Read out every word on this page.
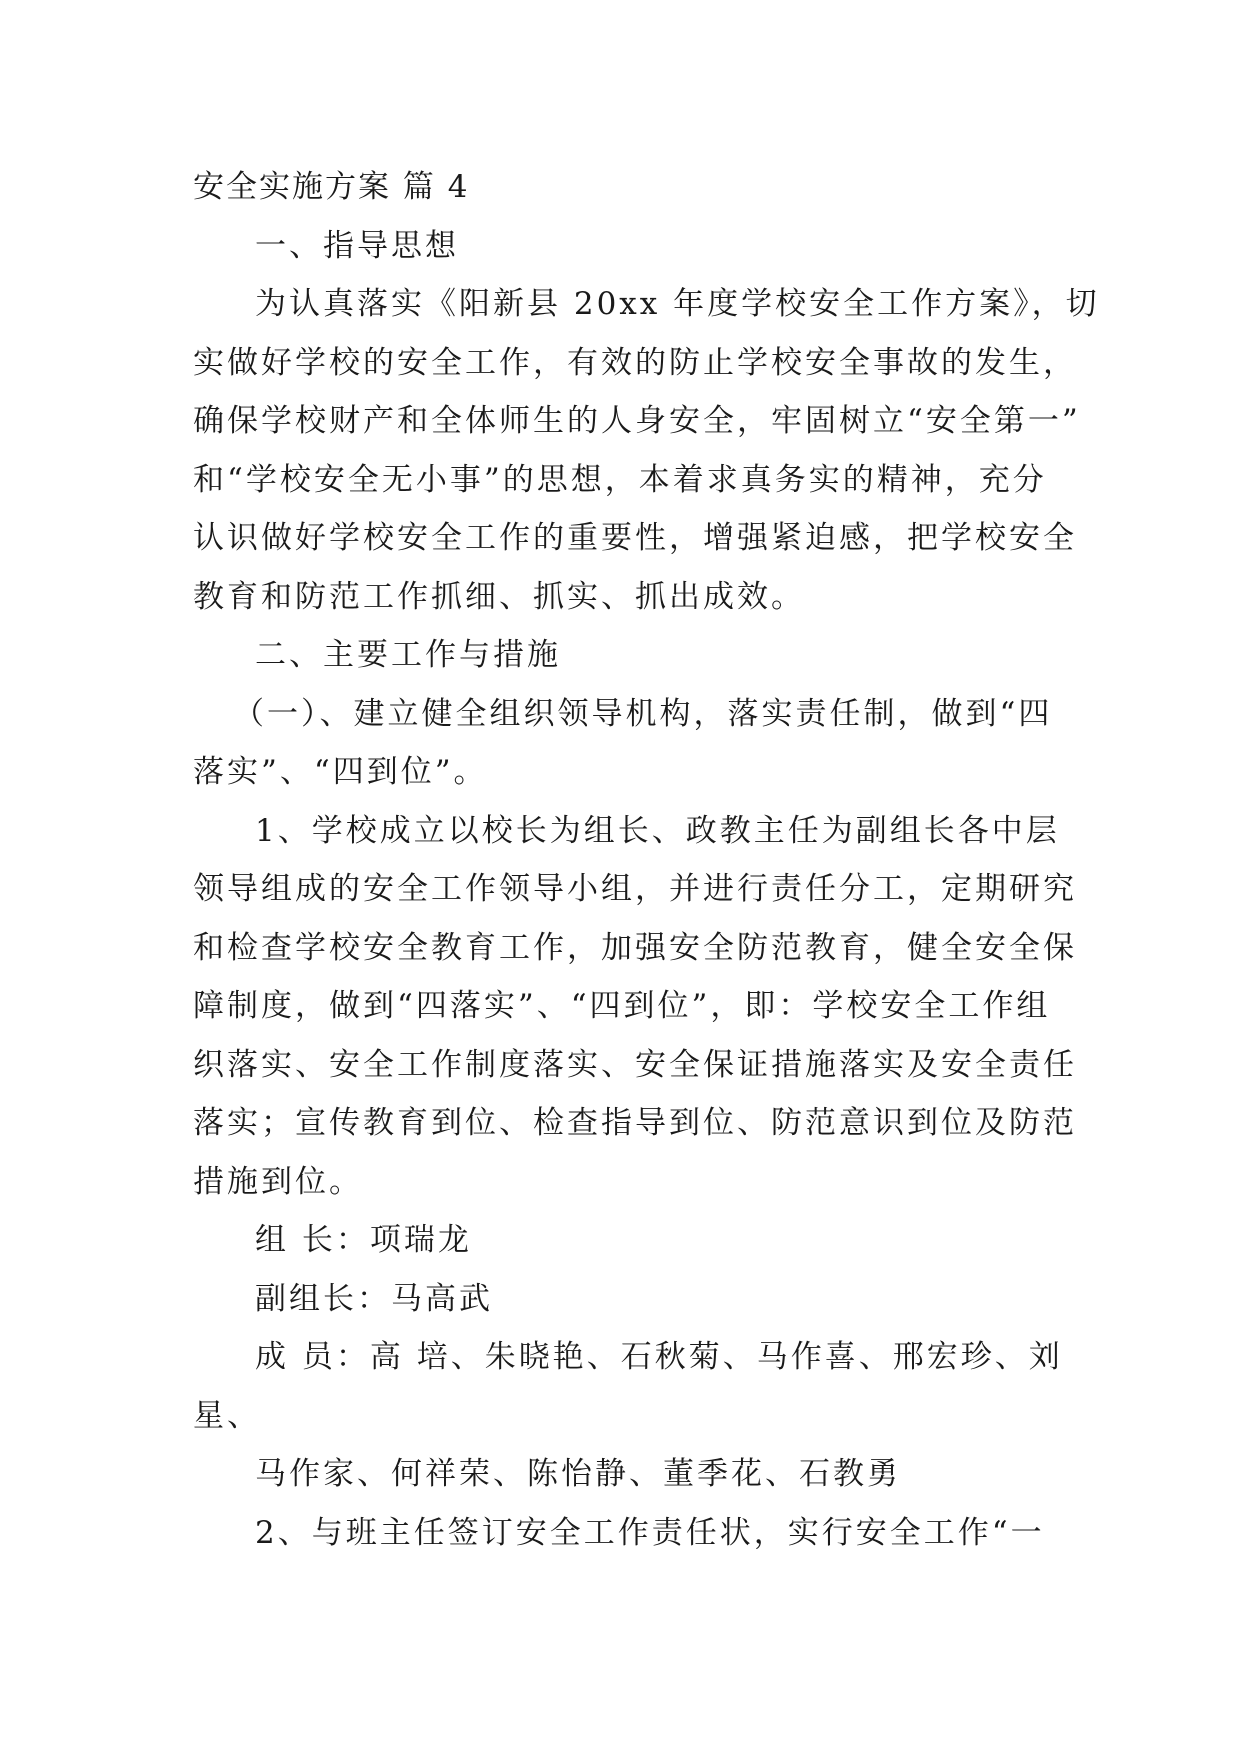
安全实施方案 篇 4
一、指导思想
为认真落实《阳新县 20xx 年度学校安全工作方案》，切
实做好学校的安全工作，有效的防止学校安全事故的发生，
确保学校财产和全体师生的人身安全，牢固树立“安全第一”
和“学校安全无小事”的思想，本着求真务实的精神，充分
认识做好学校安全工作的重要性，增强紧迫感，把学校安全
教育和防范工作抓细、抓实、抓出成效。
二、主要工作与措施
（一）、建立健全组织领导机构，落实责任制，做到“四
落实”、“四到位”。
1、学校成立以校长为组长、政教主任为副组长各中层
领导组成的安全工作领导小组，并进行责任分工，定期研究
和检查学校安全教育工作，加强安全防范教育，健全安全保
障制度，做到“四落实”、“四到位”，即：学校安全工作组
织落实、安全工作制度落实、安全保证措施落实及安全责任
落实；宣传教育到位、检查指导到位、防范意识到位及防范
措施到位。
组 长：项瑞龙
副组长：马高武
成 员：高 培、朱晓艳、石秋菊、马作喜、邢宏珍、刘
星、
马作家、何祥荣、陈怡静、董季花、石教勇
2、与班主任签订安全工作责任状，实行安全工作“一
